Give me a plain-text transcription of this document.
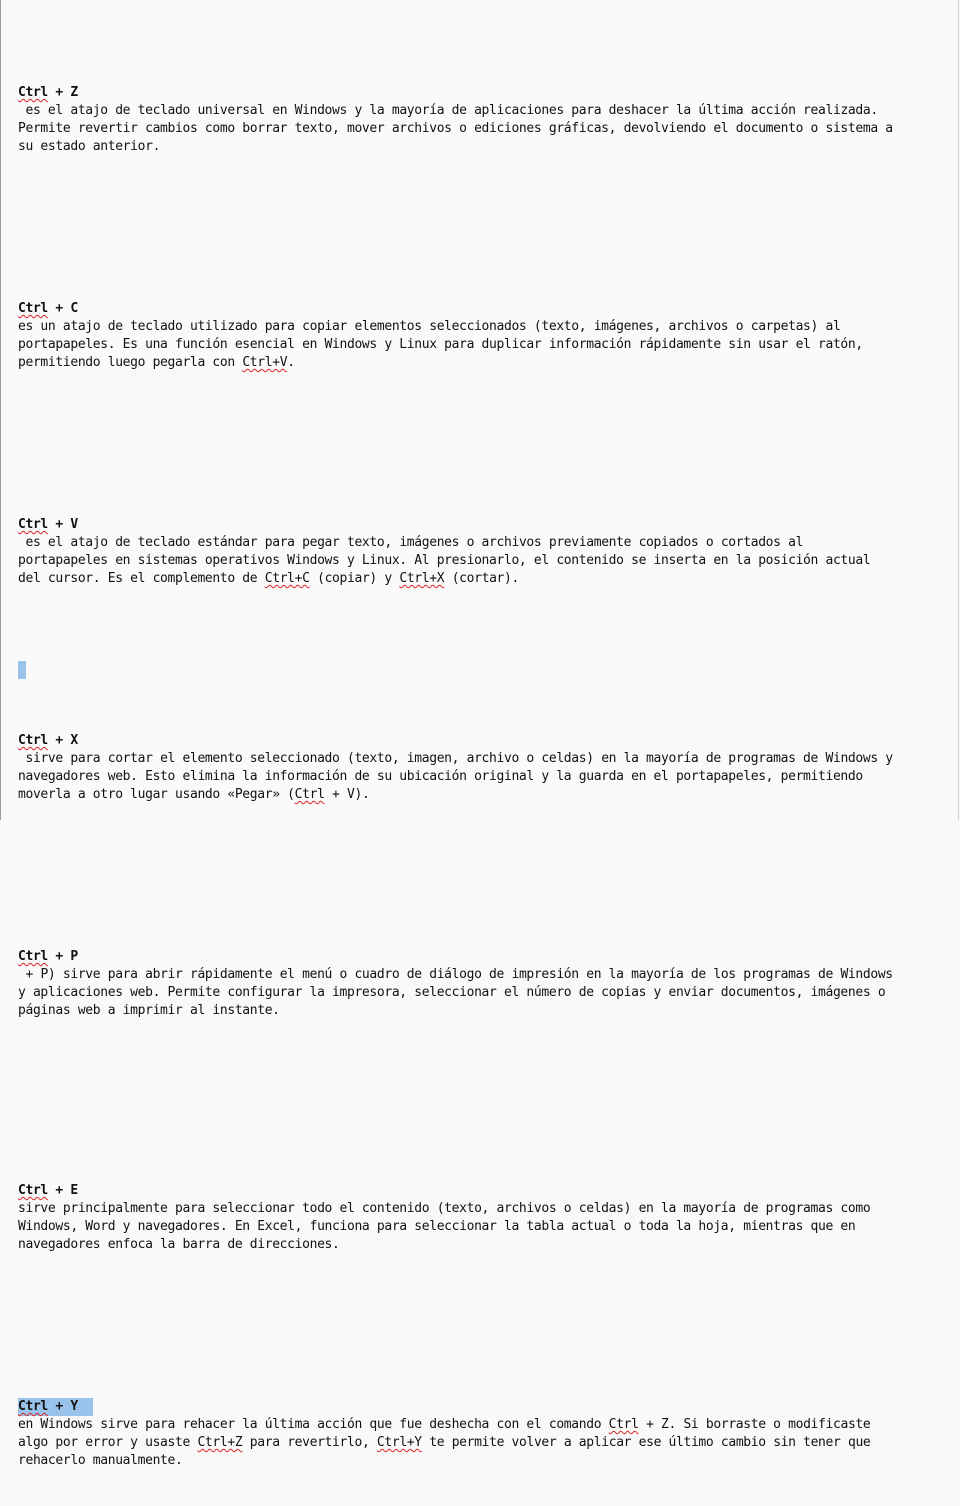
Ctrl + Z
es el atajo de teclado universal en Windows y la mayoría de aplicaciones para deshacer la última acción realizada.
Permite revertir cambios como borrar texto, mover archivos o ediciones gráficas, devolviendo el documento o sistema a
su estado anterior.

Ctrl + C
es un atajo de teclado utilizado para copiar elementos seleccionados (texto, imágenes, archivos o carpetas) al
portapapeles. Es una función esencial en Windows y Linux para duplicar información rápidamente sin usar el ratón,
permitiendo luego pegarla con Ctrl+V.

Ctrl + V
es el atajo de teclado estándar para pegar texto, imágenes o archivos previamente copiados o cortados al
portapapeles en sistemas operativos Windows y Linux. Al presionarlo, el contenido se inserta en la posición actual
del cursor. Es el complemento de Ctrl+C (copiar) y Ctrl+X (cortar).

Ctrl + X
sirve para cortar el elemento seleccionado (texto, imagen, archivo o celdas) en la mayoría de programas de Windows y
navegadores web. Esto elimina la información de su ubicación original y la guarda en el portapapeles, permitiendo
moverla a otro lugar usando «Pegar» (Ctrl + V).

Ctrl + P
+ P) sirve para abrir rápidamente el menú o cuadro de diálogo de impresión en la mayoría de los programas de Windows
y aplicaciones web. Permite configurar la impresora, seleccionar el número de copias y enviar documentos, imágenes o
páginas web a imprimir al instante.

Ctrl + E
sirve principalmente para seleccionar todo el contenido (texto, archivos o celdas) en la mayoría de programas como
Windows, Word y navegadores. En Excel, funciona para seleccionar la tabla actual o toda la hoja, mientras que en
navegadores enfoca la barra de direcciones.

Ctrl + Y
en Windows sirve para rehacer la última acción que fue deshecha con el comando Ctrl + Z. Si borraste o modificaste
algo por error y usaste Ctrl+Z para revertirlo, Ctrl+Y te permite volver a aplicar ese último cambio sin tener que
rehacerlo manualmente.
